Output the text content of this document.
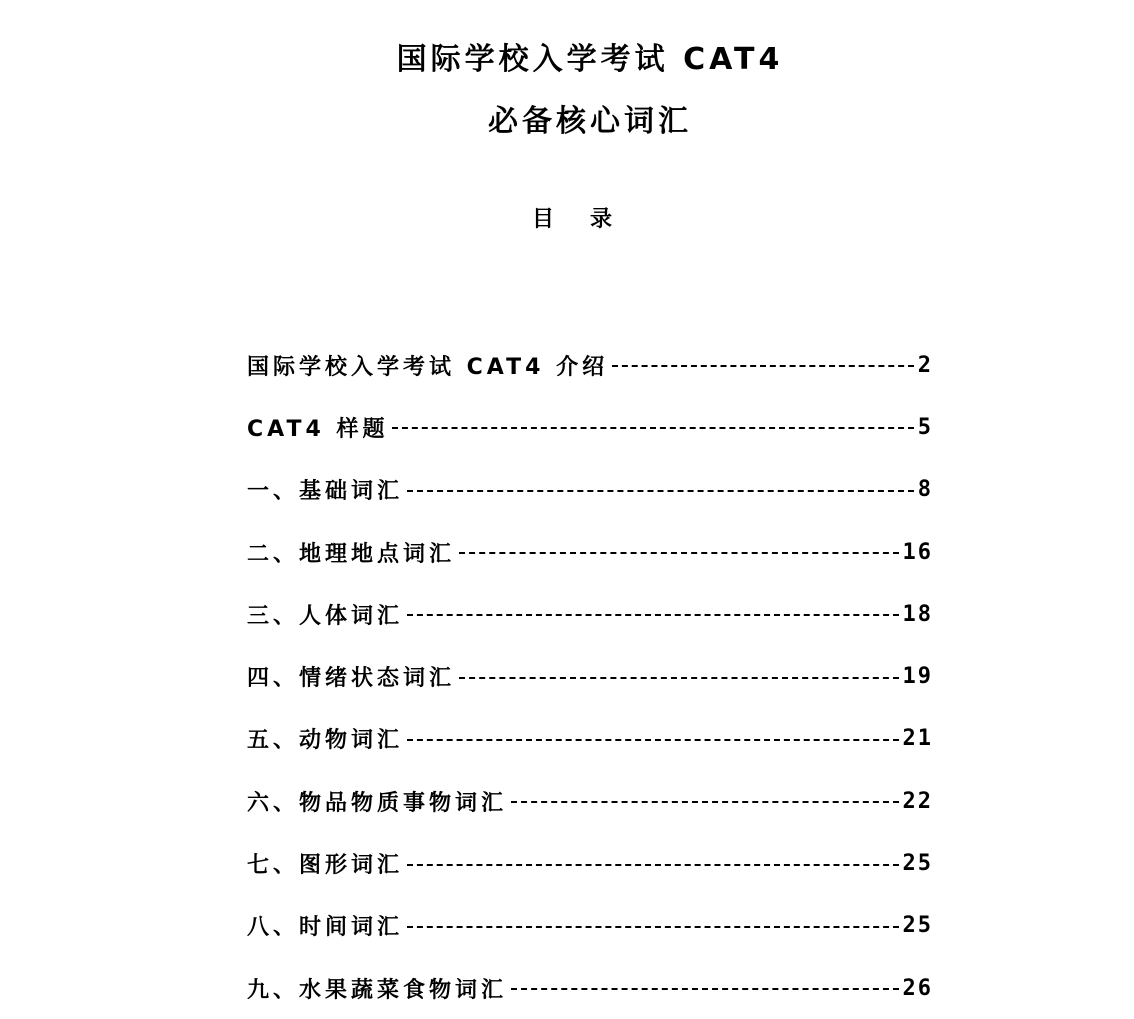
国际学校入学考试 CAT4
必备核心词汇
目录
国际学校入学考试 CAT4 介绍	2
CAT4 样题	5
一、基础词汇	8
二、地理地点词汇	16
三、人体词汇	18
四、情绪状态词汇	19
五、动物词汇	21
六、物品物质事物词汇	22
七、图形词汇	25
八、时间词汇	25
九、水果蔬菜食物词汇	26
